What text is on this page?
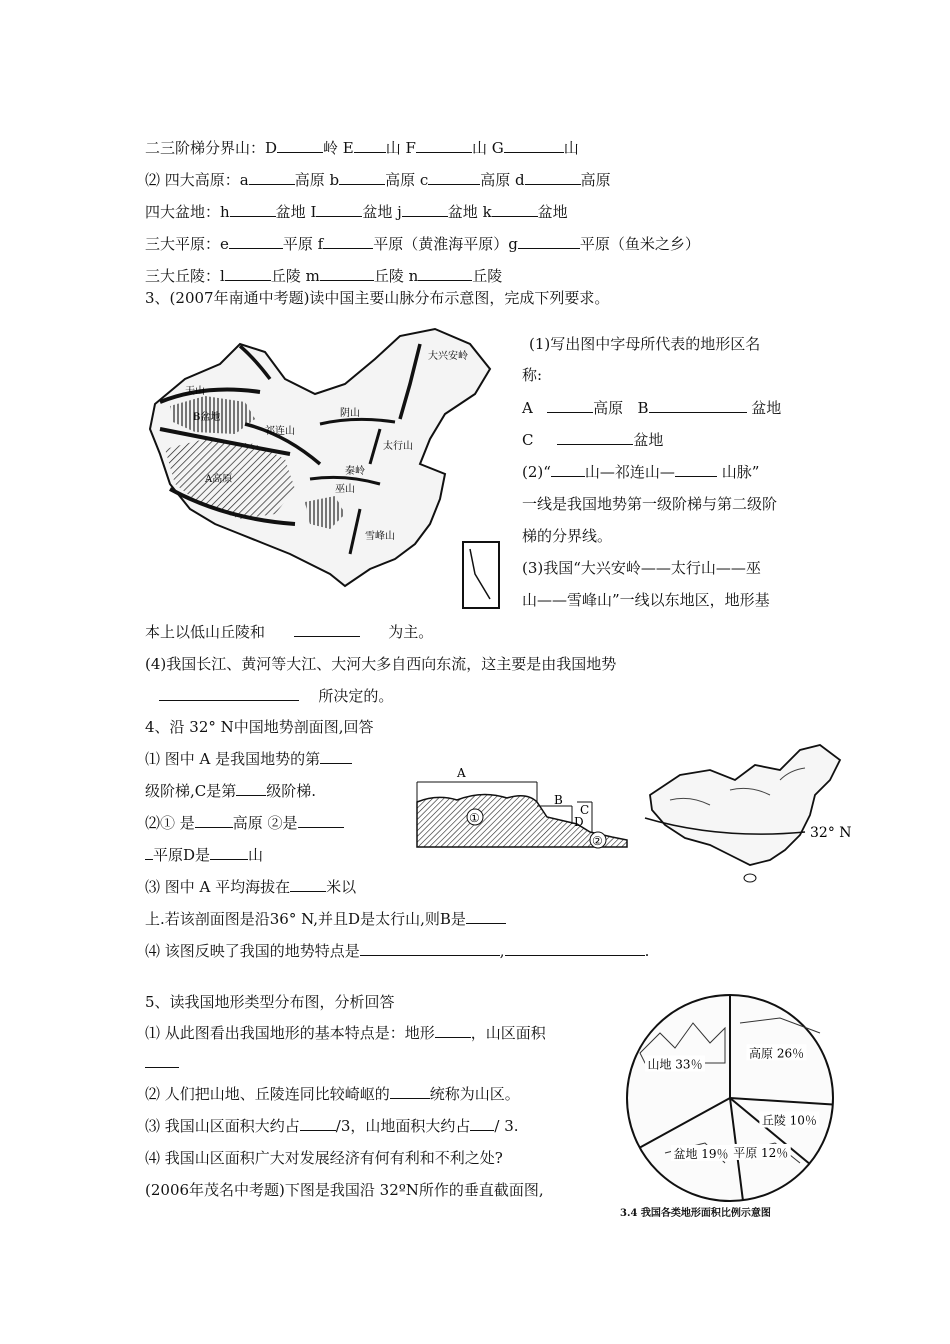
二三阶梯分界山：D	岭 E 山 F	山 G	山
⑵ 四大高原：a	高原 b	高原 c	高原 d	高原
四大盆地：h	盆地 I	盆地 j	盆地 k	盆地
三大平原：e	平原 f	平原（黄淮海平原）g	平原（鱼米之乡）
三大丘陵：l	丘陵 m	丘陵 n	丘陵
3、(2007年南通中考题)读中国主要山脉分布示意图，完成下列要求。
天山
B盆地
祁连山
A高原
大兴安岭
阴山
太行山
秦岭
巫山
雪峰山
(1)写出图中字母所代表的地形区名
称:
A	高原 B	盆地
C	盆地
(2)“ 山—祁连山—	山脉”
一线是我国地势第一级阶梯与第二级阶
梯的分界线。
(3)我国“大兴安岭——太行山——巫
山——雪峰山”一线以东地区，地形基
本上以低山丘陵和	为主。
(4)我国长江、黄河等大江、大河大多自西向东流，这主要是由我国地势
所决定的。
4、沿 32° N中国地势剖面图,回答
⑴ 图中 A 是我国地势的第
级阶梯,C是第 级阶梯.
⑵① 是	高原 ②是
平原D是	山
⑶ 图中 A 平均海拔在 米以
上.若该剖面图是沿36° N,并且D是太行山,则B是
⑷ 该图反映了我国的地势特点是	,	.
A
B
C
D
①
②	32° N
5、读我国地形类型分布图，分析回答
⑴ 从此图看出我国地形的基本特点是：地形 ，山区面积
⑵ 人们把山地、丘陵连同比较崎岖的	统称为山区。
⑶ 我国山区面积大约占 /3，山地面积大约占 / 3.
⑷ 我国山区面积广大对发展经济有何有利和不利之处?
(2006年茂名中考题)下图是我国沿 32ºN所作的垂直截面图,
高原 26％
丘陵 10％
平原 12％
盆地 19％
山地 33％
3.4 我国各类地形面积比例示意图
